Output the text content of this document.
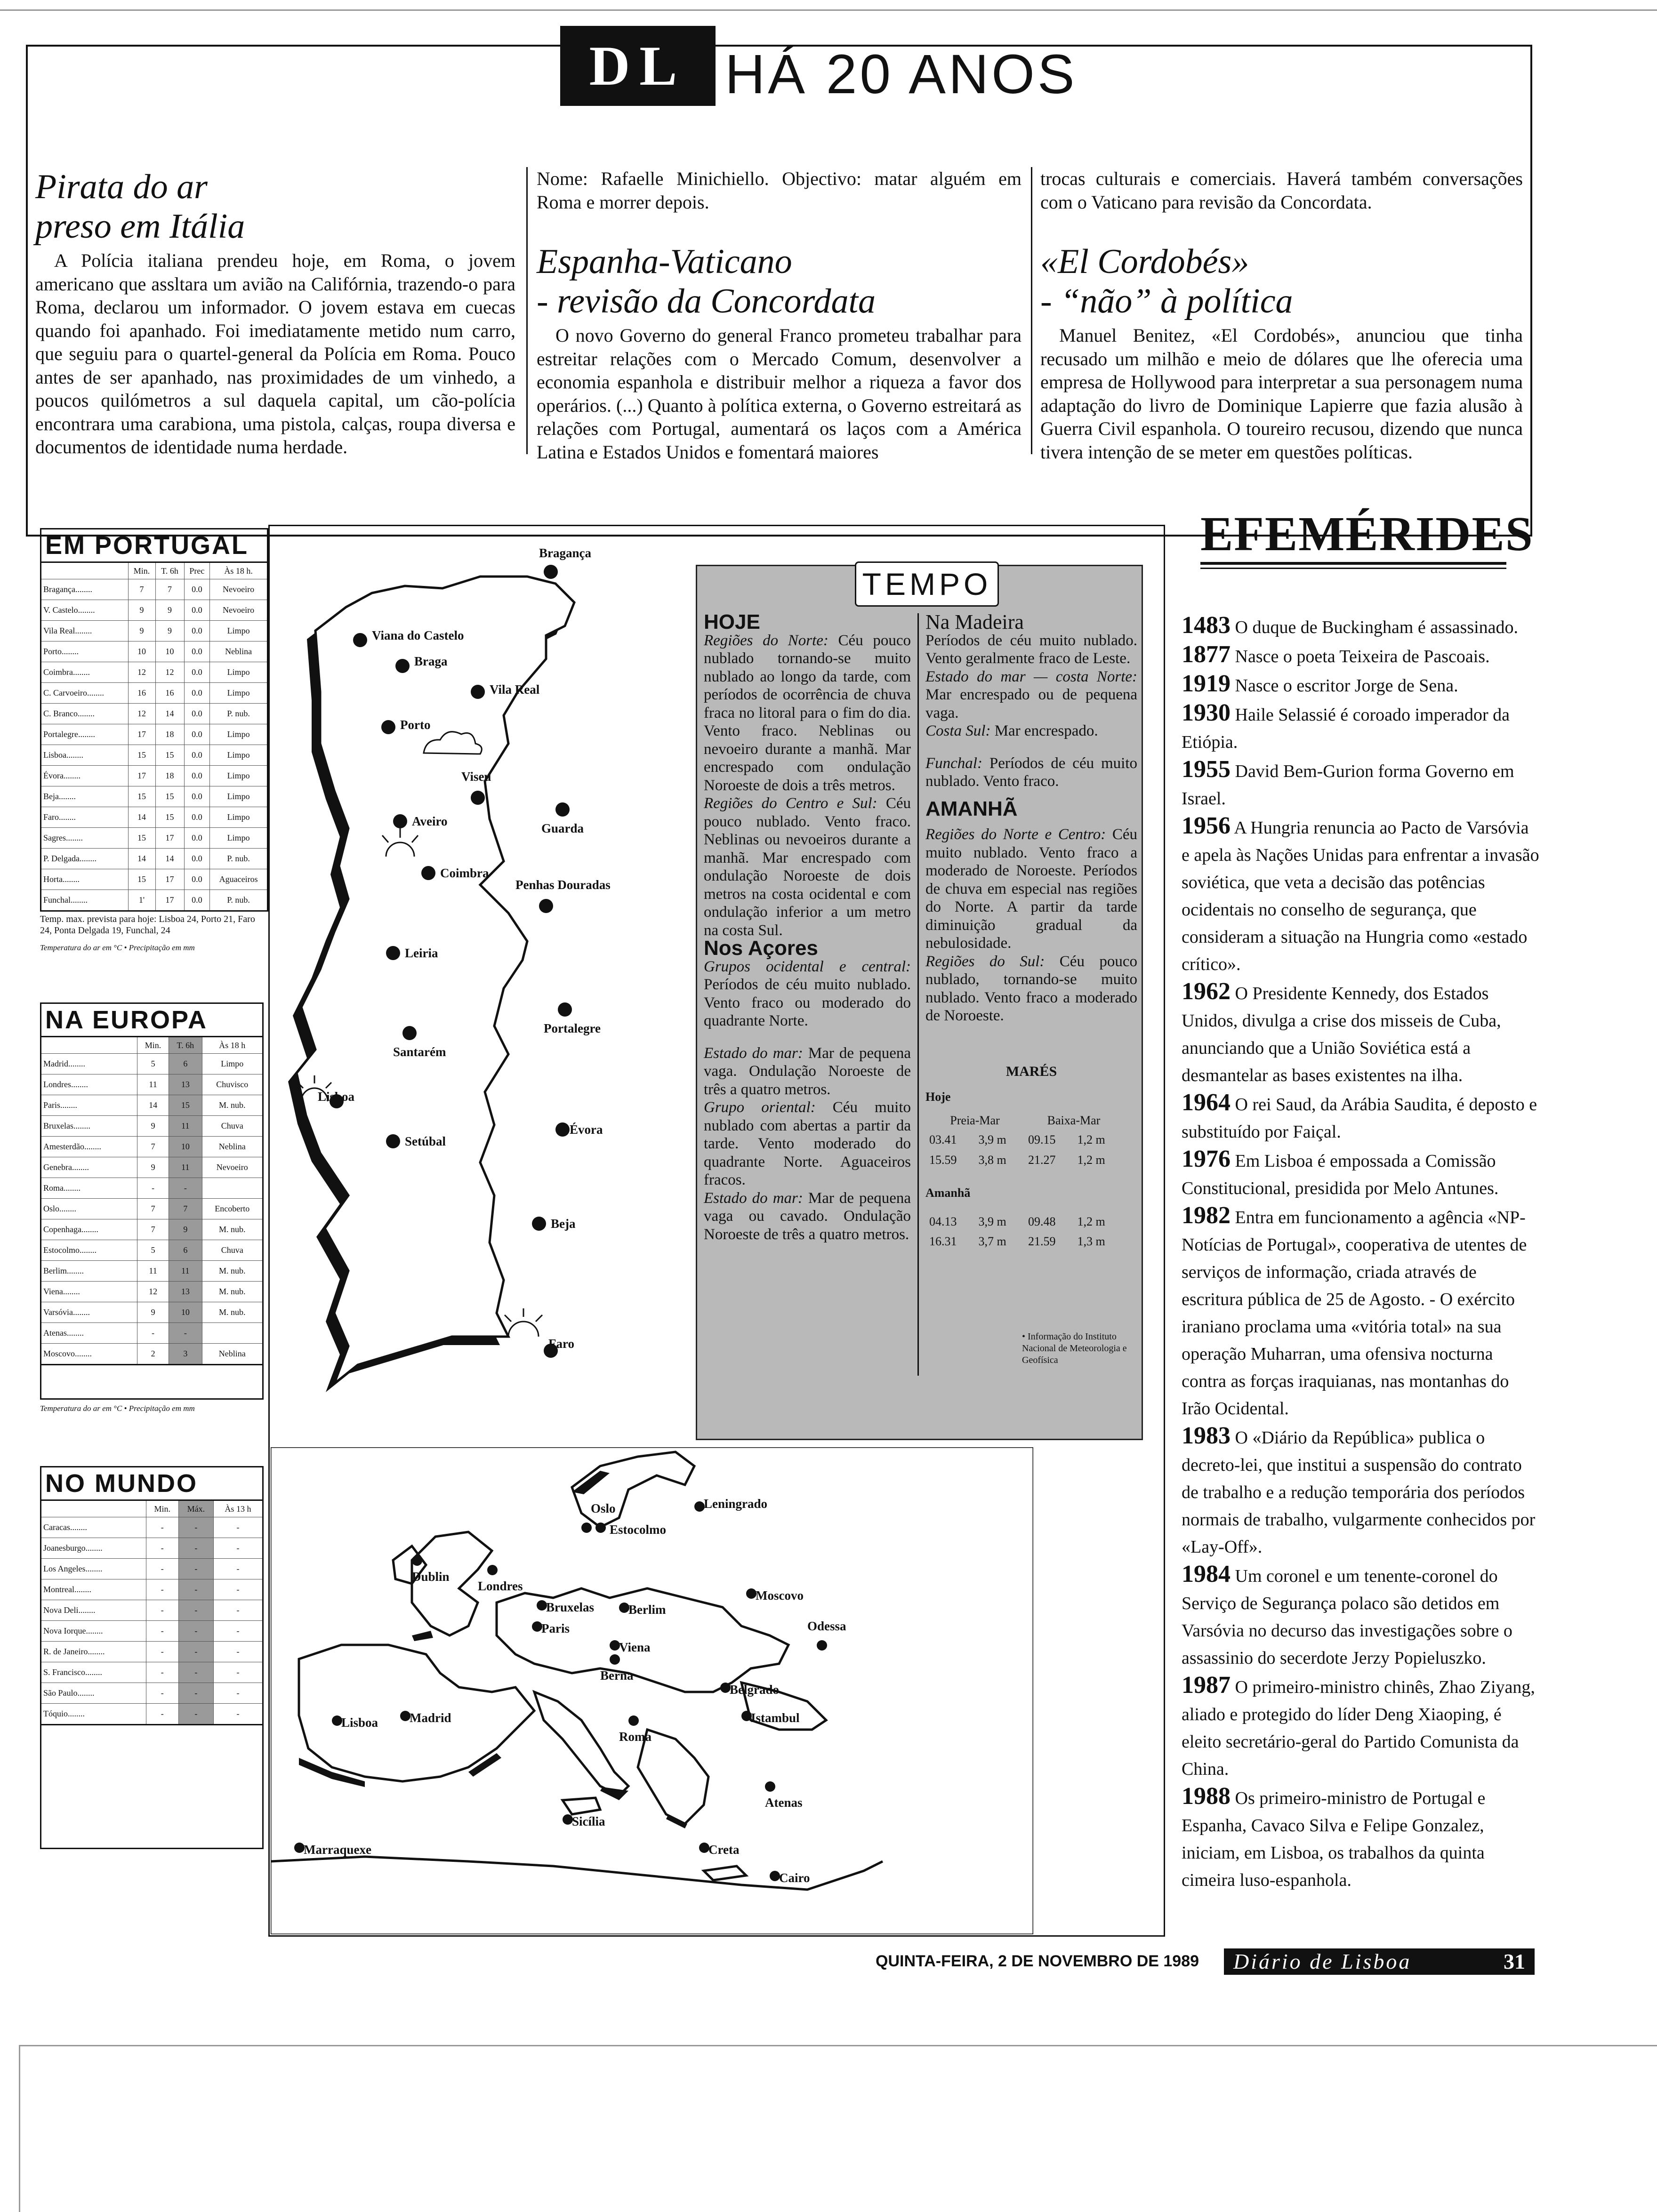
DL HÁ 20 ANOS
Pirata do ar
preso em Itália

A Polícia italiana prendeu hoje, em Roma, o jovem americano que assltara um avião na Califórnia, trazendo-o para Roma, declarou um informador. O jovem estava em cuecas quando foi apanhado. Foi imediatamente metido num carro, que seguiu para o quartel-general da Polícia em Roma. Pouco antes de ser apanhado, nas proximidades de um vinhedo, a poucos quilómetros a sul daquela capital, um cão-polícia encontrara uma carabiona, uma pistola, calças, roupa diversa e documentos de identidade numa herdade.

Nome: Rafaelle Minichiello. Objectivo: matar alguém em Roma e morrer depois.

Espanha-Vaticano
- revisão da Concordata

O novo Governo do general Franco prometeu trabalhar para estreitar relações com o Mercado Comum, desenvolver a economia espanhola e distribuir melhor a riqueza a favor dos operários. (...) Quanto à política externa, o Governo estreitará as relações com Portugal, aumentará os laços com a América Latina e Estados Unidos e fomentará maiores

trocas culturais e comerciais. Haverá também conversações com o Vaticano para revisão da Concordata.

«El Cordobés»
- “não” à política

Manuel Benitez, «El Cordobés», anunciou que tinha recusado um milhão e meio de dólares que lhe oferecia uma empresa de Hollywood para interpretar a sua personagem numa adaptação do livro de Dominique Lapierre que fazia alusão à Guerra Civil espanhola. O toureiro recusou, dizendo que nunca tivera intenção de se meter em questões políticas.

EM PORTUGAL
	Min.	T. 6h	Prec	Às 18 h.
Bragança........	7	7	0.0	Nevoeiro
V. Castelo........	9	9	0.0	Nevoeiro
Vila Real........	9	9	0.0	Limpo
Porto........	10	10	0.0	Neblina
Coimbra........	12	12	0.0	Limpo
C. Carvoeiro........	16	16	0.0	Limpo
C. Branco........	12	14	0.0	P. nub.
Portalegre........	17	18	0.0	Limpo
Lisboa........	15	15	0.0	Limpo
Évora........	17	18	0.0	Limpo
Beja........	15	15	0.0	Limpo
Faro........	14	15	0.0	Limpo
Sagres........	15	17	0.0	Limpo
P. Delgada........	14	14	0.0	P. nub.
Horta........	15	17	0.0	Aguaceiros
Funchal........	1'	17	0.0	P. nub.
Temp. max. prevista para hoje: Lisboa 24, Porto 21, Faro 24, Ponta Delgada 19, Funchal, 24
Temperatura do ar em °C • Precipitação em mm
NA EUROPA
	Min.	T. 6h	Às 18 h
Madrid........	5	6	Limpo
Londres........	11	13	Chuvisco
Paris........	14	15	M. nub.
Bruxelas........	9	11	Chuva
Amesterdão........	7	10	Neblina
Genebra........	9	11	Nevoeiro
Roma........	-	-	
Oslo........	7	7	Encoberto
Copenhaga........	7	9	M. nub.
Estocolmo........	5	6	Chuva
Berlim........	11	11	M. nub.
Viena........	12	13	M. nub.
Varsóvia........	9	10	M. nub.
Atenas........	-	-	
Moscovo........	2	3	Neblina
Temperatura do ar em °C • Precipitação em mm
NO MUNDO
	Min.	Máx.	Às 13 h
Caracas........	-	-	-
Joanesburgo........	-	-	-
Los Angeles........	-	-	-
Montreal........	-	-	-
Nova Deli........	-	-	-
Nova Iorque........	-	-	-
R. de Janeiro........	-	-	-
S. Francisco........	-	-	-
São Paulo........	-	-	-
Tóquio........	-	-	-
Bragança
Viana do Castelo
Braga
Vila Real
Porto
Viseu
Aveiro	Guarda
Coimbra
Penhas Douradas
Leiria
Portalegre
Santarém
Lisboa
Setúbal
Évora
Beja
Faro
TEMPO
HOJE
Regiões do Norte: Céu pouco nublado tornando-se muito nublado ao longo da tarde, com períodos de ocorrência de chuva fraca no litoral para o fim do dia. Vento fraco. Neblinas ou nevoeiro durante a manhã. Mar encrespado com ondulação Noroeste de dois a três metros.
Regiões do Centro e Sul: Céu pouco nublado. Vento fraco. Neblinas ou nevoeiros durante a manhã. Mar encrespado com ondulação Noroeste de dois metros na costa ocidental e com ondulação inferior a um metro na costa Sul.
Nos Açores
Grupos ocidental e central: Períodos de céu muito nublado. Vento fraco ou moderado do quadrante Norte.
Estado do mar: Mar de pequena vaga. Ondulação Noroeste de três a quatro metros.
Grupo oriental: Céu muito nublado com abertas a partir da tarde. Vento moderado do quadrante Norte. Aguaceiros fracos.
Estado do mar: Mar de pequena vaga ou cavado. Ondulação Noroeste de três a quatro metros.
Na Madeira
Períodos de céu muito nublado. Vento geralmente fraco de Leste.
Estado do mar — costa Norte: Mar encrespado ou de pequena vaga.
Costa Sul: Mar encrespado.
Funchal: Períodos de céu muito nublado. Vento fraco.
AMANHÃ
Regiões do Norte e Centro: Céu muito nublado. Vento fraco a moderado de Noroeste. Períodos de chuva em especial nas regiões do Norte. A partir da tarde diminuição gradual da nebulosidade.
Regiões do Sul: Céu pouco nublado, tornando-se muito nublado. Vento fraco a moderado de Noroeste.
MARÉS
Hoje
Preia-Mar		Baixa-Mar	
03.41	3,9 m	09.15	1,2 m
15.59	3,8 m	21.27	1,2 m
Amanhã
04.13	3,9 m	09.48	1,2 m
16.31	3,7 m	21.59	1,3 m
• Informação do Instituto Nacional de Meteorologia e Geofísica
Oslo
Estocolmo
Leningrado
Dublin
Londres
Moscovo
Bruxelas	Berlim
Paris	Odessa
Viena
Berna
Belgrado
Lisboa Madrid
Roma
Istambul
Atenas
Sicília
Creta
Marraquexe
Cairo
EFEMÉRIDES

1483 O duque de Buckingham é assassinado.

1877 Nasce o poeta Teixeira de Pascoais.

1919 Nasce o escritor Jorge de Sena.

1930 Haile Selassié é coroado imperador da Etiópia.

1955 David Bem-Gurion forma Governo em Israel.

1956 A Hungria renuncia ao Pacto de Varsóvia e apela às Nações Unidas para enfrentar a invasão soviética, que veta a decisão das potências ocidentais no conselho de segurança, que consideram a situação na Hungria como «estado crítico».

1962 O Presidente Kennedy, dos Estados Unidos, divulga a crise dos misseis de Cuba, anunciando que a União Soviética está a desmantelar as bases existentes na ilha.

1964 O rei Saud, da Arábia Saudita, é deposto e substituído por Faiçal.

1976 Em Lisboa é empossada a Comissão Constitucional, presidida por Melo Antunes.

1982 Entra em funcionamento a agência «NP-Notícias de Portugal», cooperativa de utentes de serviços de informação, criada através de escritura pública de 25 de Agosto. - O exército iraniano proclama uma «vitória total» na sua operação Muharran, uma ofensiva nocturna contra as forças iraquianas, nas montanhas do Irão Ocidental.

1983 O «Diário da República» publica o decreto-lei, que institui a suspensão do contrato de trabalho e a redução temporária dos períodos normais de trabalho, vulgarmente conhecidos por «Lay-Off».

1984 Um coronel e um tenente-coronel do Serviço de Segurança polaco são detidos em Varsóvia no decurso das investigações sobre o assassinio do secerdote Jerzy Popieluszko.

1987 O primeiro-ministro chinês, Zhao Ziyang, aliado e protegido do líder Deng Xiaoping, é eleito secretário-geral do Partido Comunista da China.

1988 Os primeiro-ministro de Portugal e Espanha, Cavaco Silva e Felipe Gonzalez, iniciam, em Lisboa, os trabalhos da quinta cimeira luso-espanhola.

QUINTA-FEIRA, 2 DE NOVEMBRO DE 1989 Diário de Lisboa	31
